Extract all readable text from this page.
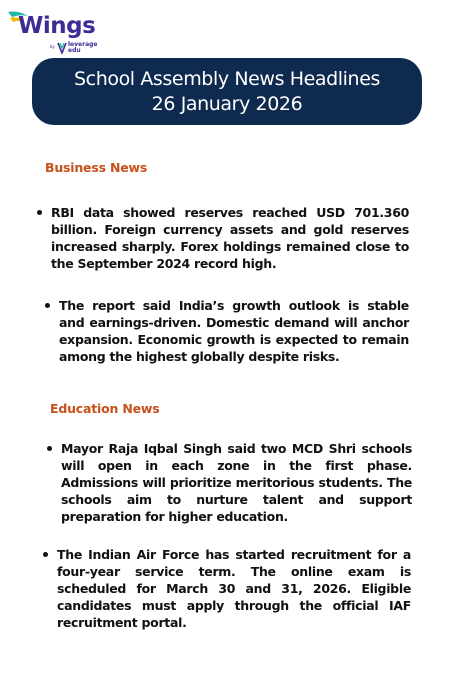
Wings
by leverage
edu
School Assembly News Headlines
26 January 2026
Business News

RBI data showed reserves reached USD 701.360 billion. Foreign currency assets and gold reserves increased sharply. Forex holdings remained close to the September 2024 record high.

The report said India’s growth outlook is stable and earnings-driven. Domestic demand will anchor expansion. Economic growth is expected to remain among the highest globally despite risks.

Education News

Mayor Raja Iqbal Singh said two MCD Shri schools will open in each zone in the first phase. Admissions will prioritize meritorious students. The schools aim to nurture talent and support preparation for higher education.

The Indian Air Force has started recruitment for a four-year service term. The online exam is scheduled for March 30 and 31, 2026. Eligible candidates must apply through the official IAF recruitment portal.
